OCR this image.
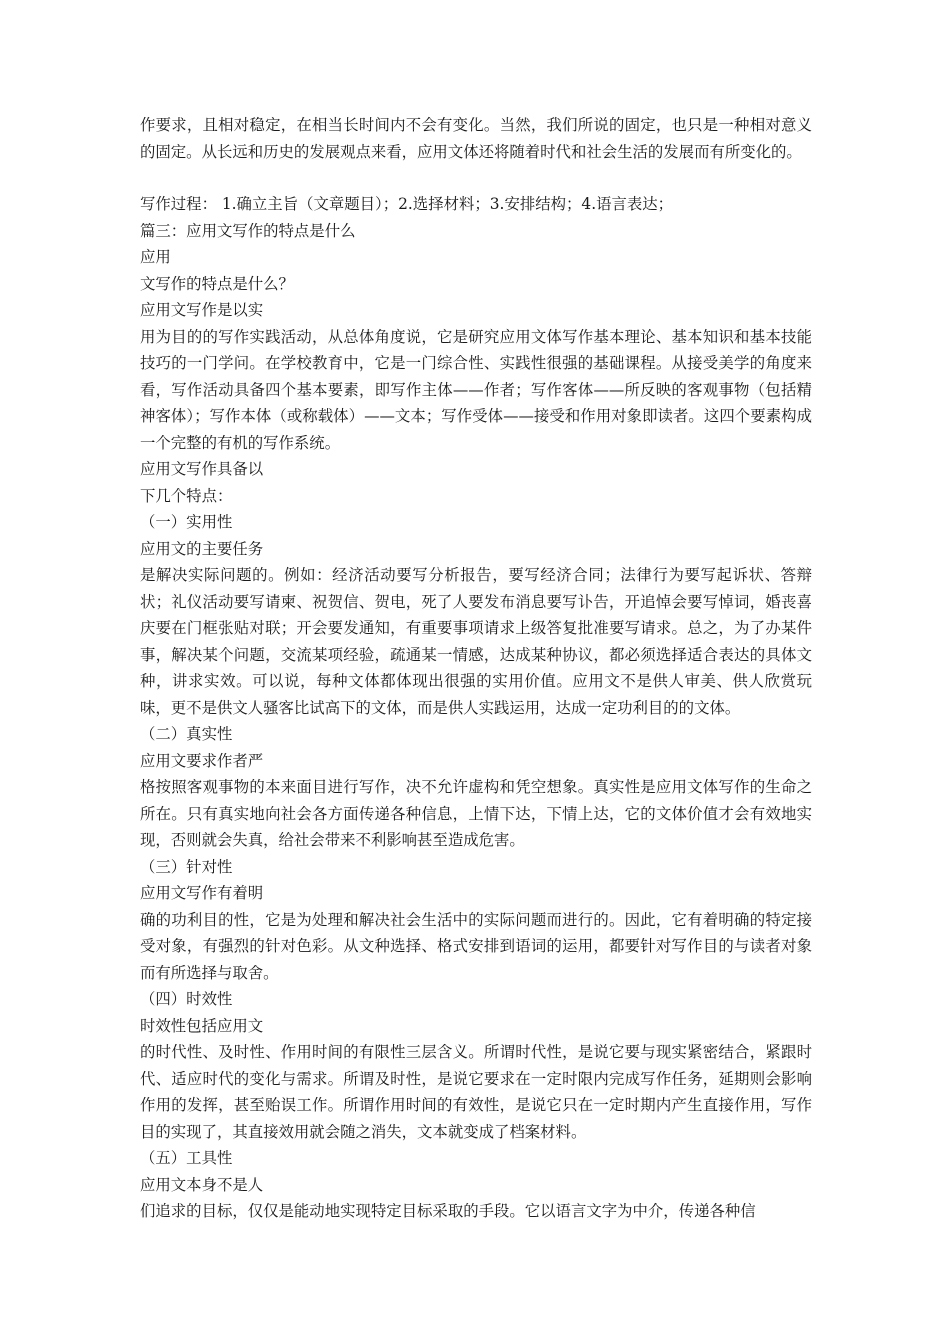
作要求，且相对稳定，在相当长时间内不会有变化。当然，我们所说的固定，也只是一种相对意义的固定。从长远和历史的发展观点来看，应用文体还将随着时代和社会生活的发展而有所变化的。

写作过程： 1.确立主旨（文章题目）；2.选择材料；3.安排结构；4.语言表达；

篇三：应用文写作的特点是什么

应用

文写作的特点是什么？

应用文写作是以实

用为目的的写作实践活动，从总体角度说，它是研究应用文体写作基本理论、基本知识和基本技能技巧的一门学问。在学校教育中，它是一门综合性、实践性很强的基础课程。从接受美学的角度来看，写作活动具备四个基本要素，即写作主体——作者；写作客体——所反映的客观事物（包括精神客体）；写作本体（或称载体）——文本；写作受体——接受和作用对象即读者。这四个要素构成一个完整的有机的写作系统。

应用文写作具备以

下几个特点：

（一）实用性

应用文的主要任务

是解决实际问题的。例如：经济活动要写分析报告，要写经济合同；法律行为要写起诉状、答辩状；礼仪活动要写请柬、祝贺信、贺电，死了人要发布消息要写讣告，开追悼会要写悼词，婚丧喜庆要在门框张贴对联；开会要发通知，有重要事项请求上级答复批准要写请求。总之，为了办某件事，解决某个问题，交流某项经验，疏通某一情感，达成某种协议，都必须选择适合表达的具体文种，讲求实效。可以说，每种文体都体现出很强的实用价值。应用文不是供人审美、供人欣赏玩味，更不是供文人骚客比试高下的文体，而是供人实践运用，达成一定功利目的的文体。

（二）真实性

应用文要求作者严

格按照客观事物的本来面目进行写作，决不允许虚构和凭空想象。真实性是应用文体写作的生命之所在。只有真实地向社会各方面传递各种信息，上情下达，下情上达，它的文体价值才会有效地实现，否则就会失真，给社会带来不利影响甚至造成危害。

（三）针对性

应用文写作有着明

确的功利目的性，它是为处理和解决社会生活中的实际问题而进行的。因此，它有着明确的特定接受对象，有强烈的针对色彩。从文种选择、格式安排到语词的运用，都要针对写作目的与读者对象而有所选择与取舍。

（四）时效性

时效性包括应用文

的时代性、及时性、作用时间的有限性三层含义。所谓时代性，是说它要与现实紧密结合，紧跟时代、适应时代的变化与需求。所谓及时性，是说它要求在一定时限内完成写作任务，延期则会影响作用的发挥，甚至贻误工作。所谓作用时间的有效性，是说它只在一定时期内产生直接作用，写作目的实现了，其直接效用就会随之消失，文本就变成了档案材料。

（五）工具性

应用文本身不是人

们追求的目标，仅仅是能动地实现特定目标采取的手段。它以语言文字为中介，传递各种信
